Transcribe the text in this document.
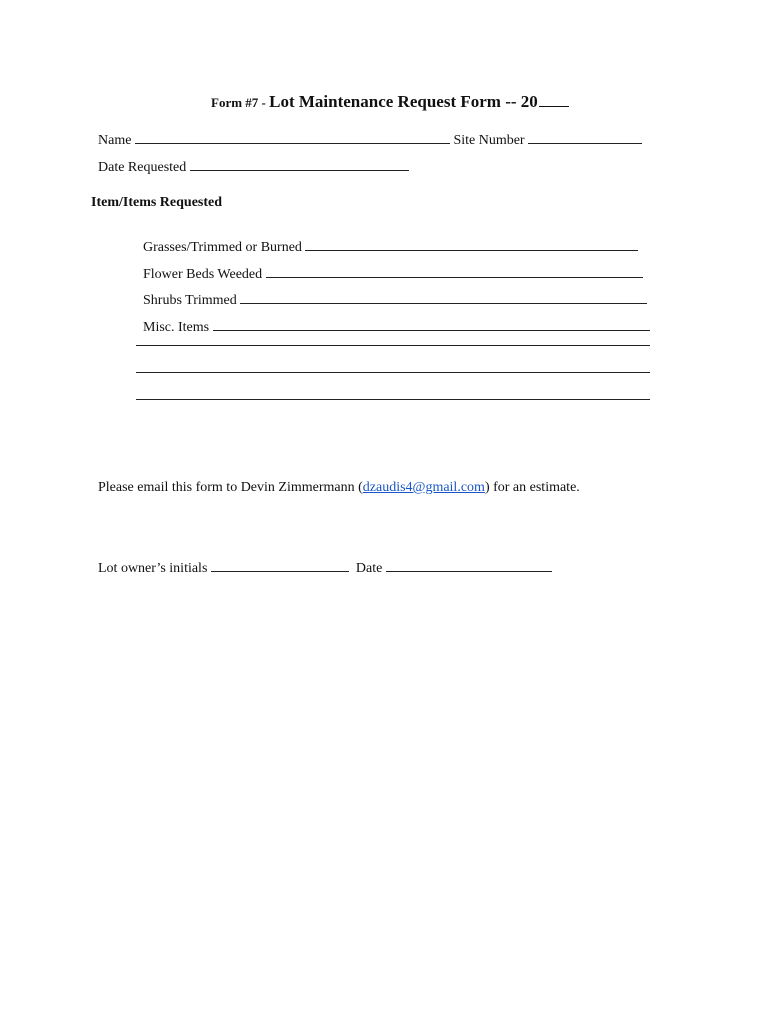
Form #7 - Lot Maintenance Request Form -- 20

Name	Site Number

Date Requested

Item/Items Requested

Grasses/Trimmed or Burned

Flower Beds Weeded

Shrubs Trimmed

Misc. Items

Please email this form to Devin Zimmermann (dzaudis4@gmail.com) for an estimate.

Lot owner’s initials	Date
